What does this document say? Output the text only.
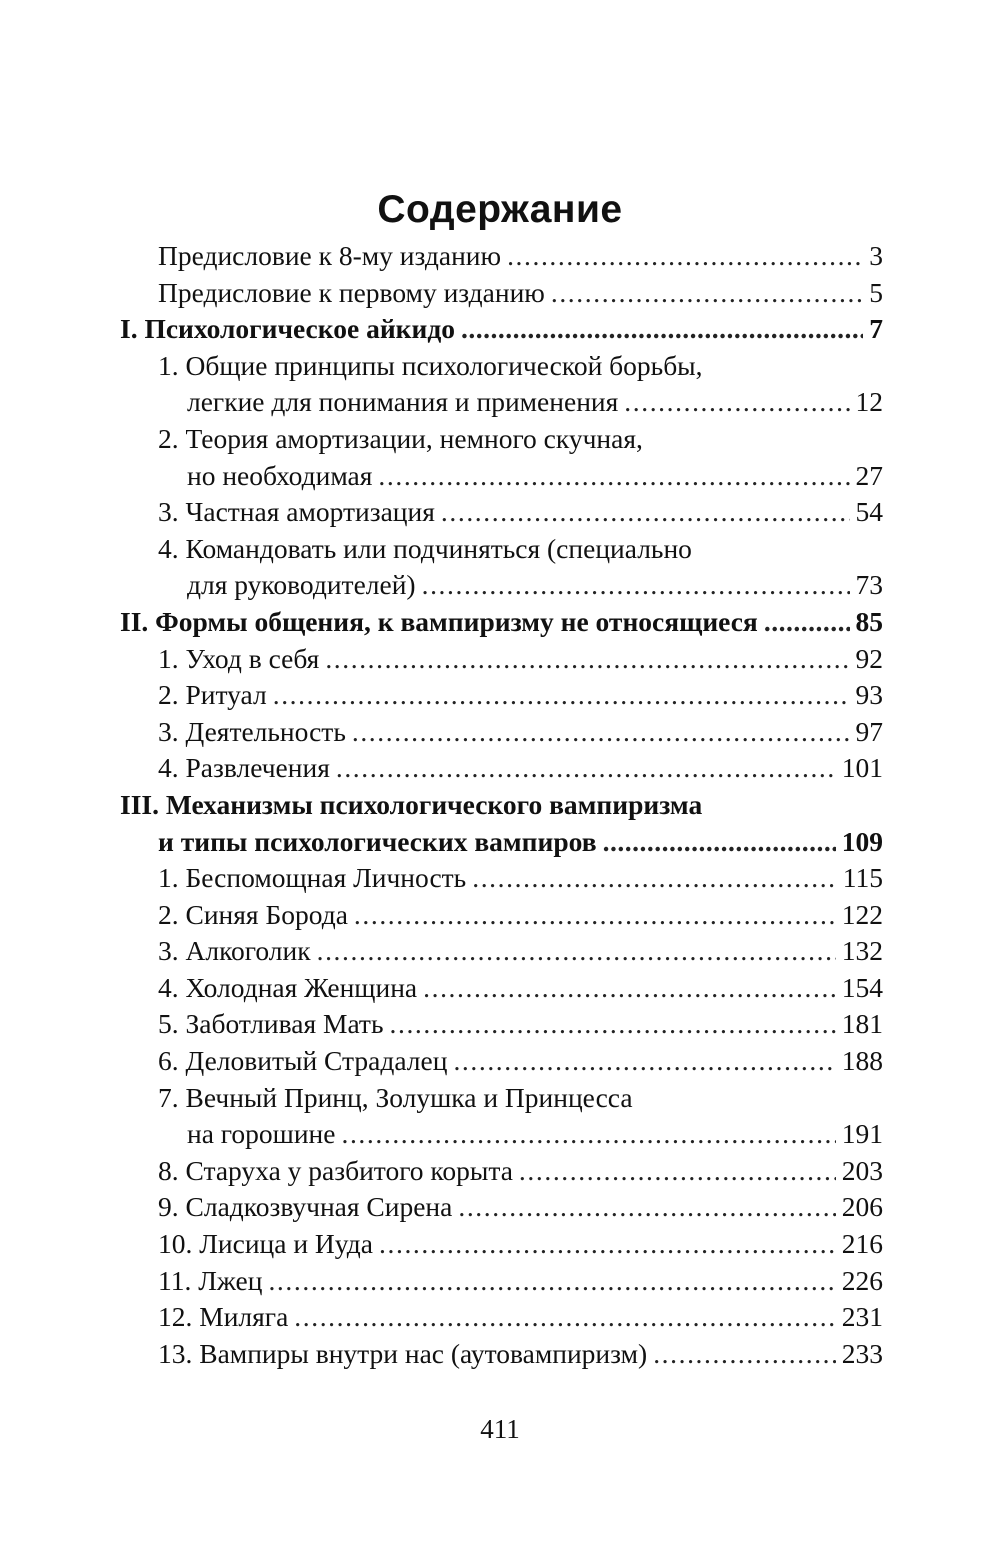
Содержание
Предисловие к 8-му изданию .....	3
Предисловие к первому изданию .....	5
I. Психологическое айкидо .....	7
1. Общие принципы психологической борьбы,
легкие для понимания и применения .....	12
2. Теория амортизации, немного скучная,
но необходимая .....	27
3. Частная амортизация .....	54
4. Командовать или подчиняться (специально
для руководителей) .....	73
II. Формы общения, к вампиризму не относящиеся .....	85
1. Уход в себя .....	92
2. Ритуал .....	93
3. Деятельность .....	97
4. Развлечения .....	101
III. Механизмы психологического вампиризма
и типы психологических вампиров .....	109
1. Беспомощная Личность .....	115
2. Синяя Борода .....	122
3. Алкоголик .....	132
4. Холодная Женщина .....	154
5. Заботливая Мать .....	181
6. Деловитый Страдалец .....	188
7. Вечный Принц, Золушка и Принцесса
на горошине .....	191
8. Старуха у разбитого корыта .....	203
9. Сладкозвучная Сирена .....	206
10. Лисица и Иуда .....	216
11. Лжец .....	226
12. Миляга .....	231
13. Вампиры внутри нас (аутовампиризм) .....	233
411
